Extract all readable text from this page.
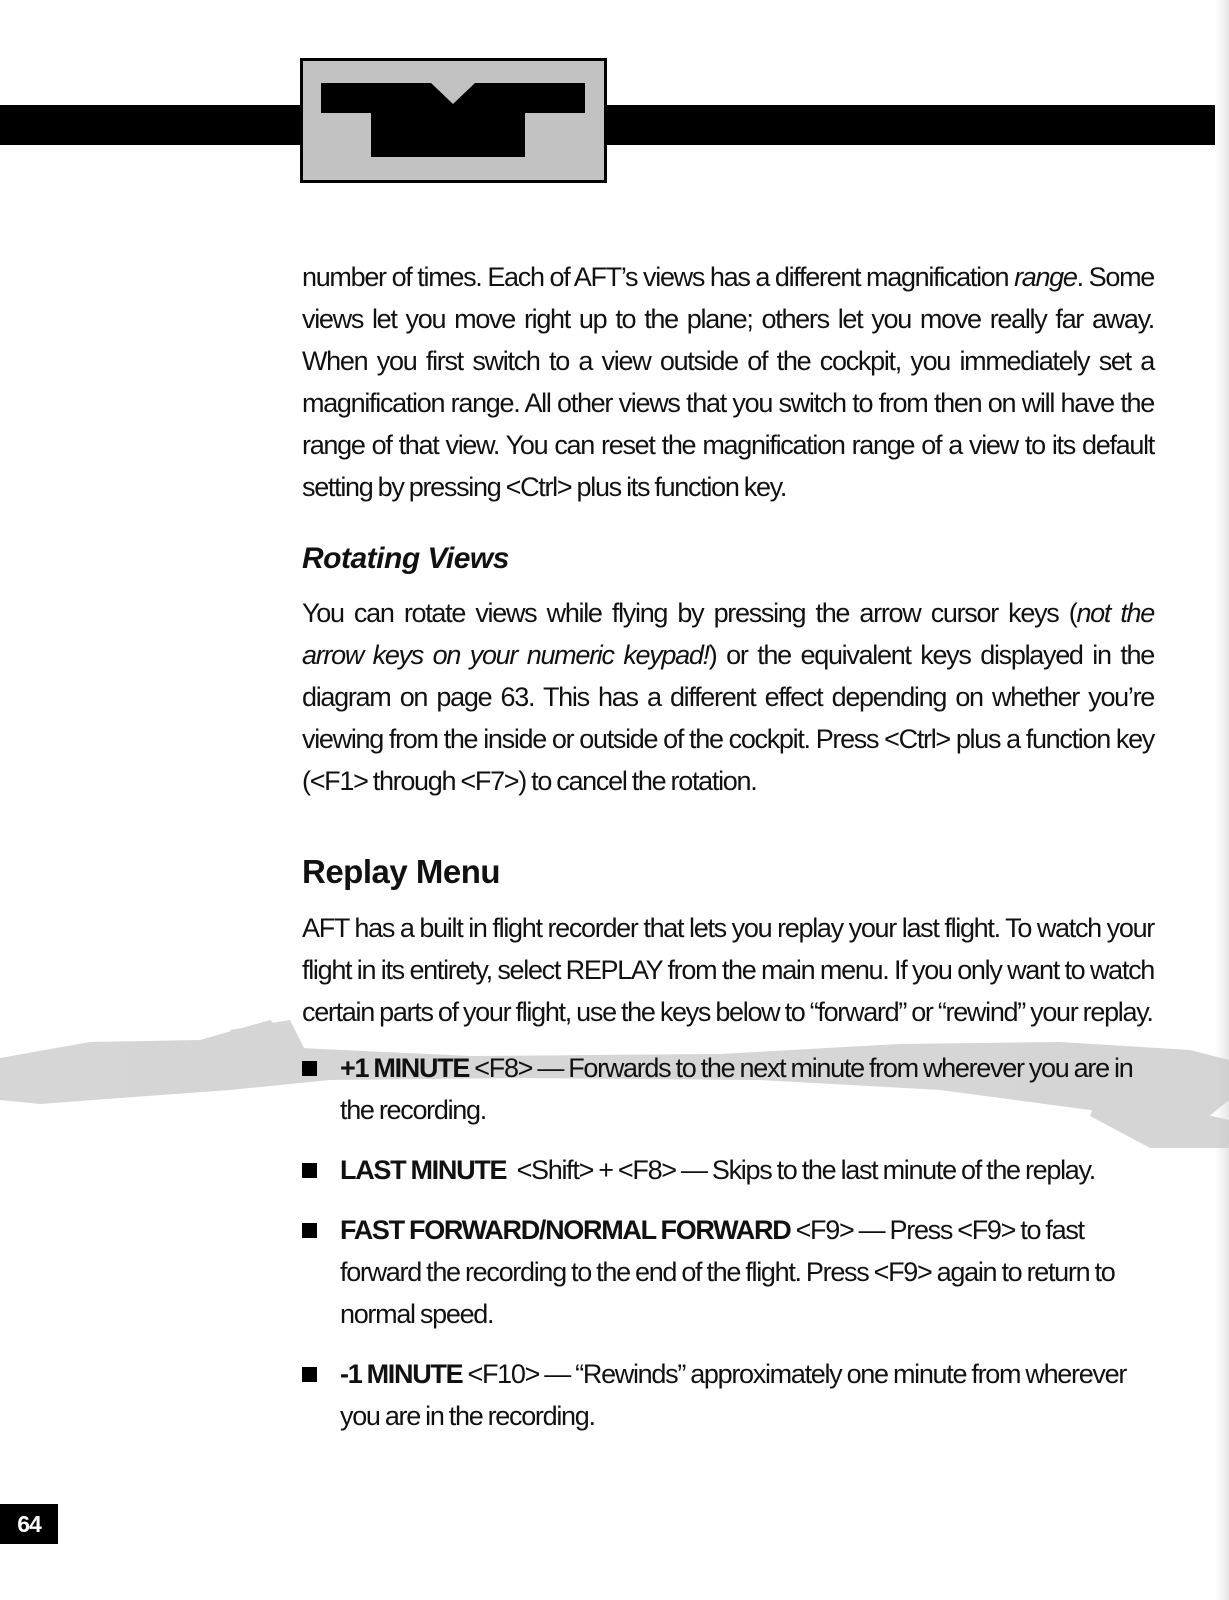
number of times. Each of AFT’s views has a different magnification range. Some views let you move right up to the plane; others let you move really far away. When you first switch to a view outside of the cockpit, you immediately set a magnification range. All other views that you switch to from then on will have the range of that view. You can reset the magnification range of a view to its default setting by pressing <Ctrl> plus its function key.

Rotating Views

You can rotate views while flying by pressing the arrow cursor keys (not the arrow keys on your numeric keypad!) or the equivalent keys displayed in the diagram on page 63. This has a different effect depending on whether you’re viewing from the inside or outside of the cockpit. Press <Ctrl> plus a function key (<F1> through <F7>) to cancel the rotation.

Replay Menu

AFT has a built in flight recorder that lets you replay your last flight. To watch your flight in its entirety, select REPLAY from the main menu. If you only want to watch certain parts of your flight, use the keys below to “forward” or “rewind” your replay.

+1 MINUTE <F8> — Forwards to the next minute from wherever you are in the recording.
LAST MINUTE  <Shift> + <F8> — Skips to the last minute of the replay.
FAST FORWARD/NORMAL FORWARD <F9> — Press <F9> to fast forward the recording to the end of the flight. Press <F9> again to return to normal speed.
-1 MINUTE <F10> — “Rewinds” approximately one minute from wherever you are in the recording.
64
